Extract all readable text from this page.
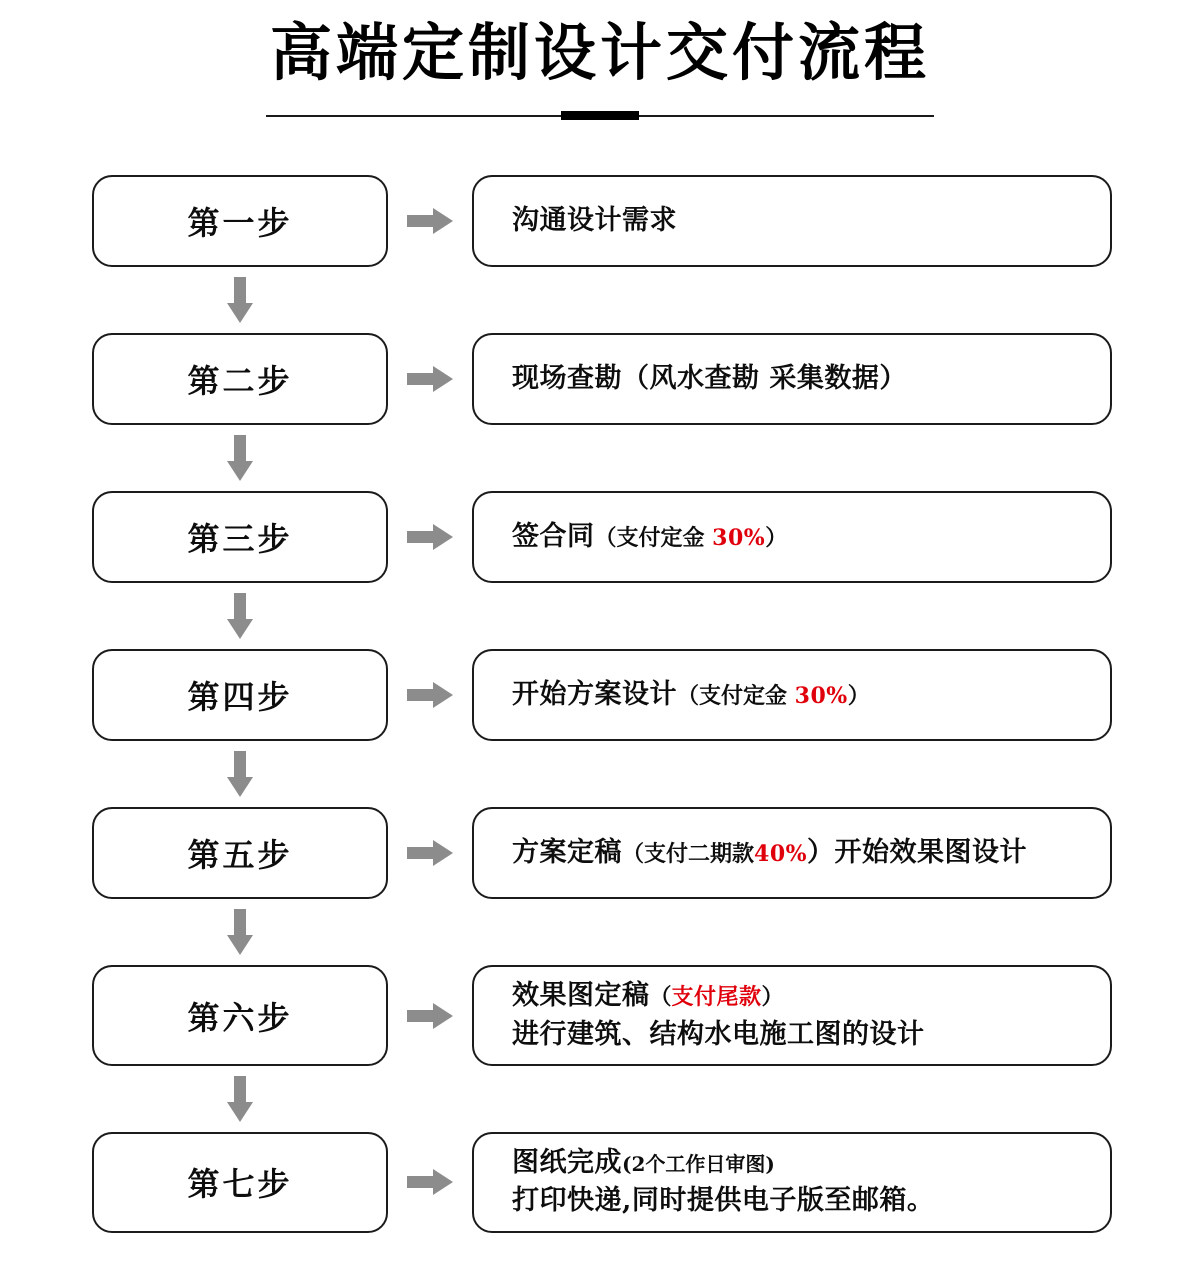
高端定制设计交付流程
第一步	沟通设计需求
第二步	现场查勘（风水查勘 采集数据）
第三步	签合同（支付定金 30%）
第四步	开始方案设计（支付定金 30%）
第五步	方案定稿（支付二期款40%）开始效果图设计
第六步
效果图定稿（支付尾款）
进行建筑、结构水电施工图的设计
第七步
图纸完成(2个工作日审图)
打印快递,同时提供电子版至邮箱。
